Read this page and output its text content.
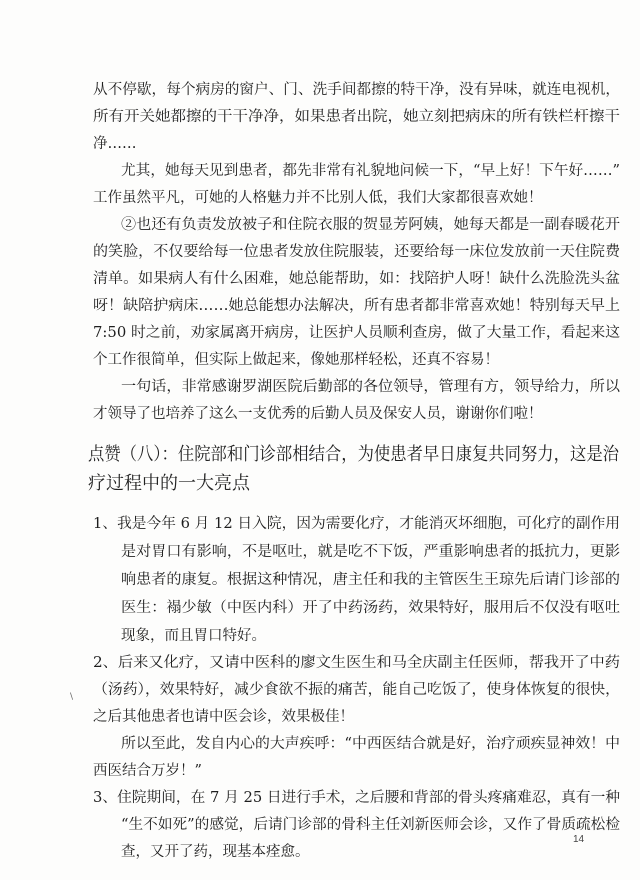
从不停歇，每个病房的窗户、门、洗手间都擦的特干净，没有异味，就连电视机，
所有开关她都擦的干干净净，如果患者出院，她立刻把病床的所有铁栏杆擦干
净……
尤其，她每天见到患者，都先非常有礼貌地问候一下，“早上好！下午好……”
工作虽然平凡，可她的人格魅力并不比别人低，我们大家都很喜欢她！
②也还有负责发放被子和住院衣服的贺显芳阿姨，她每天都是一副春暖花开
的笑脸，不仅要给每一位患者发放住院服装，还要给每一床位发放前一天住院费
清单。如果病人有什么困难，她总能帮助，如：找陪护人呀！缺什么洗脸洗头盆
呀！缺陪护病床……她总能想办法解决，所有患者都非常喜欢她！特别每天早上
7:50 时之前，劝家属离开病房，让医护人员顺利查房，做了大量工作，看起来这
个工作很简单，但实际上做起来，像她那样轻松，还真不容易！
一句话，非常感谢罗湖医院后勤部的各位领导，管理有方，领导给力，所以
才领导了也培养了这么一支优秀的后勤人员及保安人员，谢谢你们啦！
点赞（八）：住院部和门诊部相结合，为使患者早日康复共同努力，这是治
疗过程中的一大亮点
1、我是今年 6 月 12 日入院，因为需要化疗，才能消灭坏细胞，可化疗的副作用
是对胃口有影响，不是呕吐，就是吃不下饭，严重影响患者的抵抗力，更影
响患者的康复。根据这种情况，唐主任和我的主管医生王琼先后请门诊部的
医生：褟少敏（中医内科）开了中药汤药，效果特好，服用后不仅没有呕吐
现象，而且胃口特好。
2、后来又化疗，又请中医科的廖文生医生和马全庆副主任医师，帮我开了中药
（汤药），效果特好，减少食欲不振的痛苦，能自己吃饭了，使身体恢复的很快，
之后其他患者也请中医会诊，效果极佳！
所以至此，发自内心的大声疾呼：“中西医结合就是好，治疗顽疾显神效！中
西医结合万岁！”
3、住院期间，在 7 月 25 日进行手术，之后腰和背部的骨头疼痛难忍，真有一种
“生不如死”的感觉，后请门诊部的骨科主任刘新医师会诊，又作了骨质疏松检
查，又开了药，现基本痊愈。
\
14
